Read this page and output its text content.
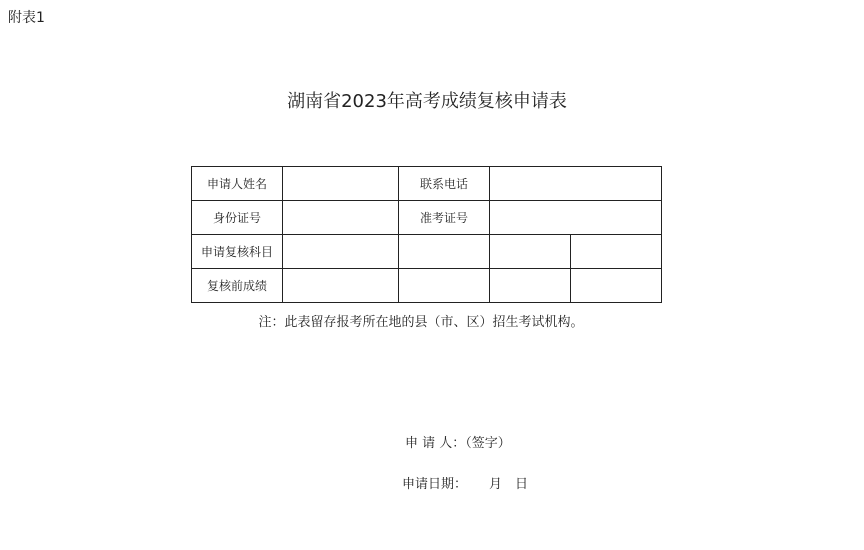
附表1
湖南省2023年高考成绩复核申请表
申请人姓名		联系电话		
身份证号		准考证号		
申请复核科目				
复核前成绩				
注：此表留存报考所在地的县（市、区）招生考试机构。
申 请 人：（签字）
申请日期： 月 日
